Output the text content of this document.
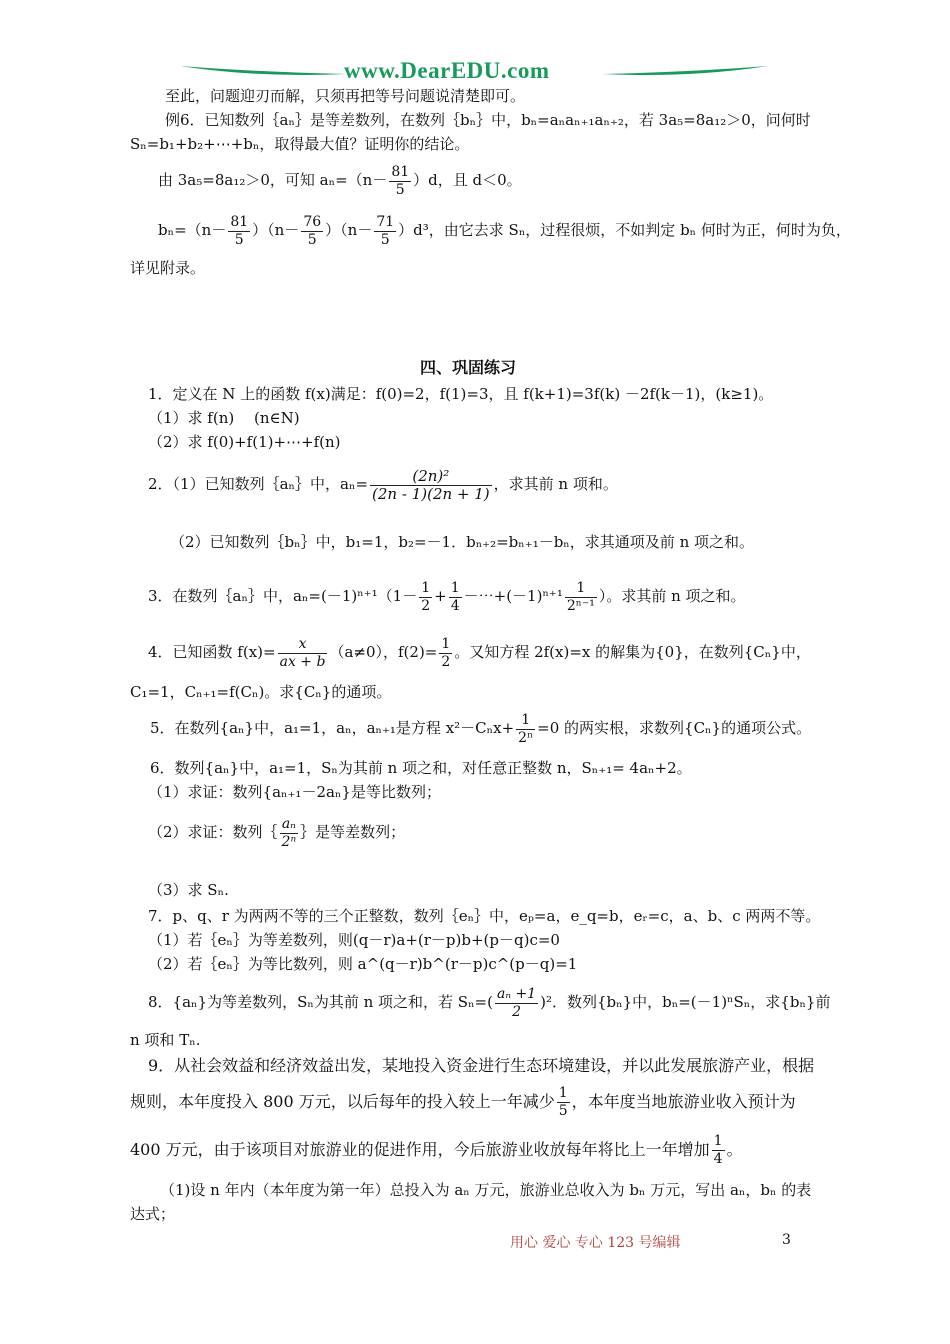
www.DearEDU.com
至此，问题迎刃而解，只须再把等号问题说清楚即可。
例6．已知数列｛aₙ｝是等差数列，在数列｛bₙ｝中，bₙ=aₙaₙ₊₁aₙ₊₂，若 3a₅=8a₁₂＞0，问何时
Sₙ=b₁+b₂+⋯+bₙ，取得最大值？证明你的结论。
由 3a₅=8a₁₂＞0，可知 $a_n=(n- \frac{81}{5} )d$，且 d＜0。
$b_n=(n- \frac{81}{5} )(n- \frac{76}{5} )(n- \frac{71}{5} )d^3$，由它去求 Sₙ，过程很烦，不如判定 bₙ 何时为正，何时为负，
详见附录。
四、巩固练习
1．定义在 N 上的函数 f(x)满足：f(0)=2，f(1)=3，且 f(k+1)=3f(k) －2f(k－1)，(k≥1)。
（1）求 f(n)　 (n∈N)
（2）求 f(0)+f(1)+⋯+f(n)
2．（1）已知数列｛aₙ｝中，$a_n= \frac{\text{(2n)²}}{(2n - 1)(2n + 1)}$ ，求其前 n 项和。
（2）已知数列｛bₙ｝中，b₁=1，b₂=－1．bₙ₊₂=bₙ₊₁－bₙ，求其通项及前 n 项之和。
3．在数列｛aₙ｝中，$a_n=(-1)^{n+1}(1- \frac{1}{2} + \frac{1}{4}$ －⋯+(－1)ⁿ⁺¹ $\frac{1}{\text{2ⁿ⁻¹}}$ ）。求其前 n 项之和。
4．已知函数 $f(x)= \frac{x}{ax + b} (a\ne 0)$，$f(2)= \frac{1}{2}$ 。又知方程 2f(x)=x 的解集为{0}，在数列{Cₙ}中，
C₁=1，Cₙ₊₁=f(Cₙ)。求{Cₙ}的通项。
5．在数列{aₙ}中，a₁=1，aₙ，aₙ₊₁是方程 $x^2-C_nx+ \frac{1}{\text{2ⁿ}} =0$ 的两实根，求数列{Cₙ}的通项公式。
6．数列{aₙ}中，a₁=1，Sₙ为其前 n 项之和，对任意正整数 n，Sₙ₊₁= 4aₙ+2。
（1）求证：数列{aₙ₊₁－2aₙ}是等比数列；
（2）求证：数列｛ $\frac{\text{aₙ}}{\text{2ⁿ}}$ ｝是等差数列；
（3）求 Sₙ.
7．p、q、r 为两两不等的三个正整数，数列｛eₙ｝中，eₚ=a，e_q=b，eᵣ=c，a、b、c 两两不等。
（1）若｛eₙ｝为等差数列，则(q－r)a+(r－p)b+(p－q)c=0
（2）若｛eₙ｝为等比数列，则 a^(q－r)b^(r－p)c^(p－q)=1
8．{aₙ}为等差数列，Sₙ为其前 n 项之和，若 $S_n=( \frac{\text{aₙ +1}}{2} )^2$．数列{bₙ}中，bₙ=(－1)ⁿSₙ，求{bₙ}前
n 项和 Tₙ.
9．从社会效益和经济效益出发，某地投入资金进行生态环境建设，并以此发展旅游产业，根据
规则，本年度投入 800 万元，以后每年的投入较上一年减少 $\frac{1}{5}$ ，本年度当地旅游业收入预计为
400 万元，由于该项目对旅游业的促进作用，今后旅游业收放每年将比上一年增加 $\frac{1}{4}$ 。
（1)设 n 年内（本年度为第一年）总投入为 aₙ 万元，旅游业总收入为 bₙ 万元，写出 aₙ，bₙ 的表
达式；
用心 爱心 专心 123 号编辑	3
